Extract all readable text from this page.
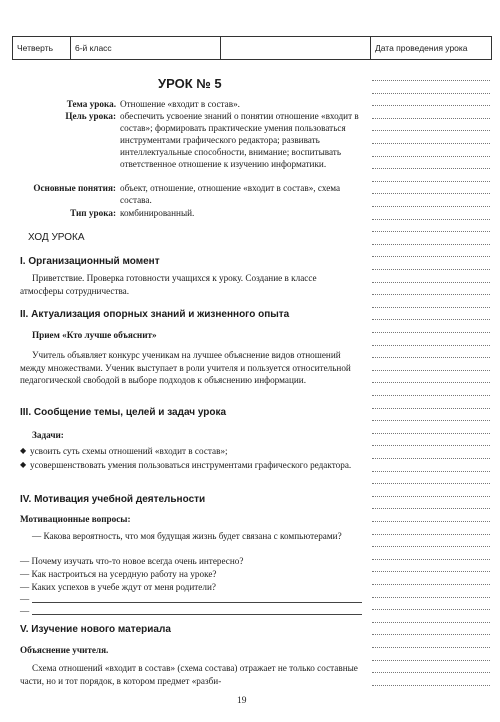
Четверть	6-й класс	Дата проведения урока
УРОК № 5
Тема урока. Отношение «входит в состав».
Цель урока: обеспечить усвоение знаний о понятии отношение «входит в состав»; формировать практические умения пользоваться инструментами графического редактора; развивать интеллектуальные способности, внимание; воспитывать ответственное отношение к изучению информатики.
Основные понятия: объект, отношение, отношение «входит в состав», схема состава.
Тип урока: комбинированный.
ХОД УРОКА
I. Организационный момент
Приветствие. Проверка готовности учащихся к уроку. Создание в классе атмосферы сотрудничества.
II. Актуализация опорных знаний и жизненного опыта
Прием «Кто лучше объяснит»
Учитель объявляет конкурс ученикам на лучшее объяснение видов отношений между множествами. Ученик выступает в роли учителя и пользуется относительной педагогической свободой в выборе подходов к объяснению информации.
III. Сообщение темы, целей и задач урока
Задачи:
◆ усвоить суть схемы отношений «входит в состав»;
◆ усовершенствовать умения пользоваться инструментами графического редактора.
IV. Мотивация учебной деятельности
Мотивационные вопросы:
— Какова вероятность, что моя будущая жизнь будет связана с компьютерами?
— Почему изучать что-то новое всегда очень интересно?
— Как настроиться на усердную работу на уроке?
— Каких успехов в учебе ждут от меня родители?
—
—
V. Изучение нового материала
Объяснение учителя.
Схема отношений «входит в состав» (схема состава) отражает не только составные части, но и тот порядок, в котором предмет «разби-
19
